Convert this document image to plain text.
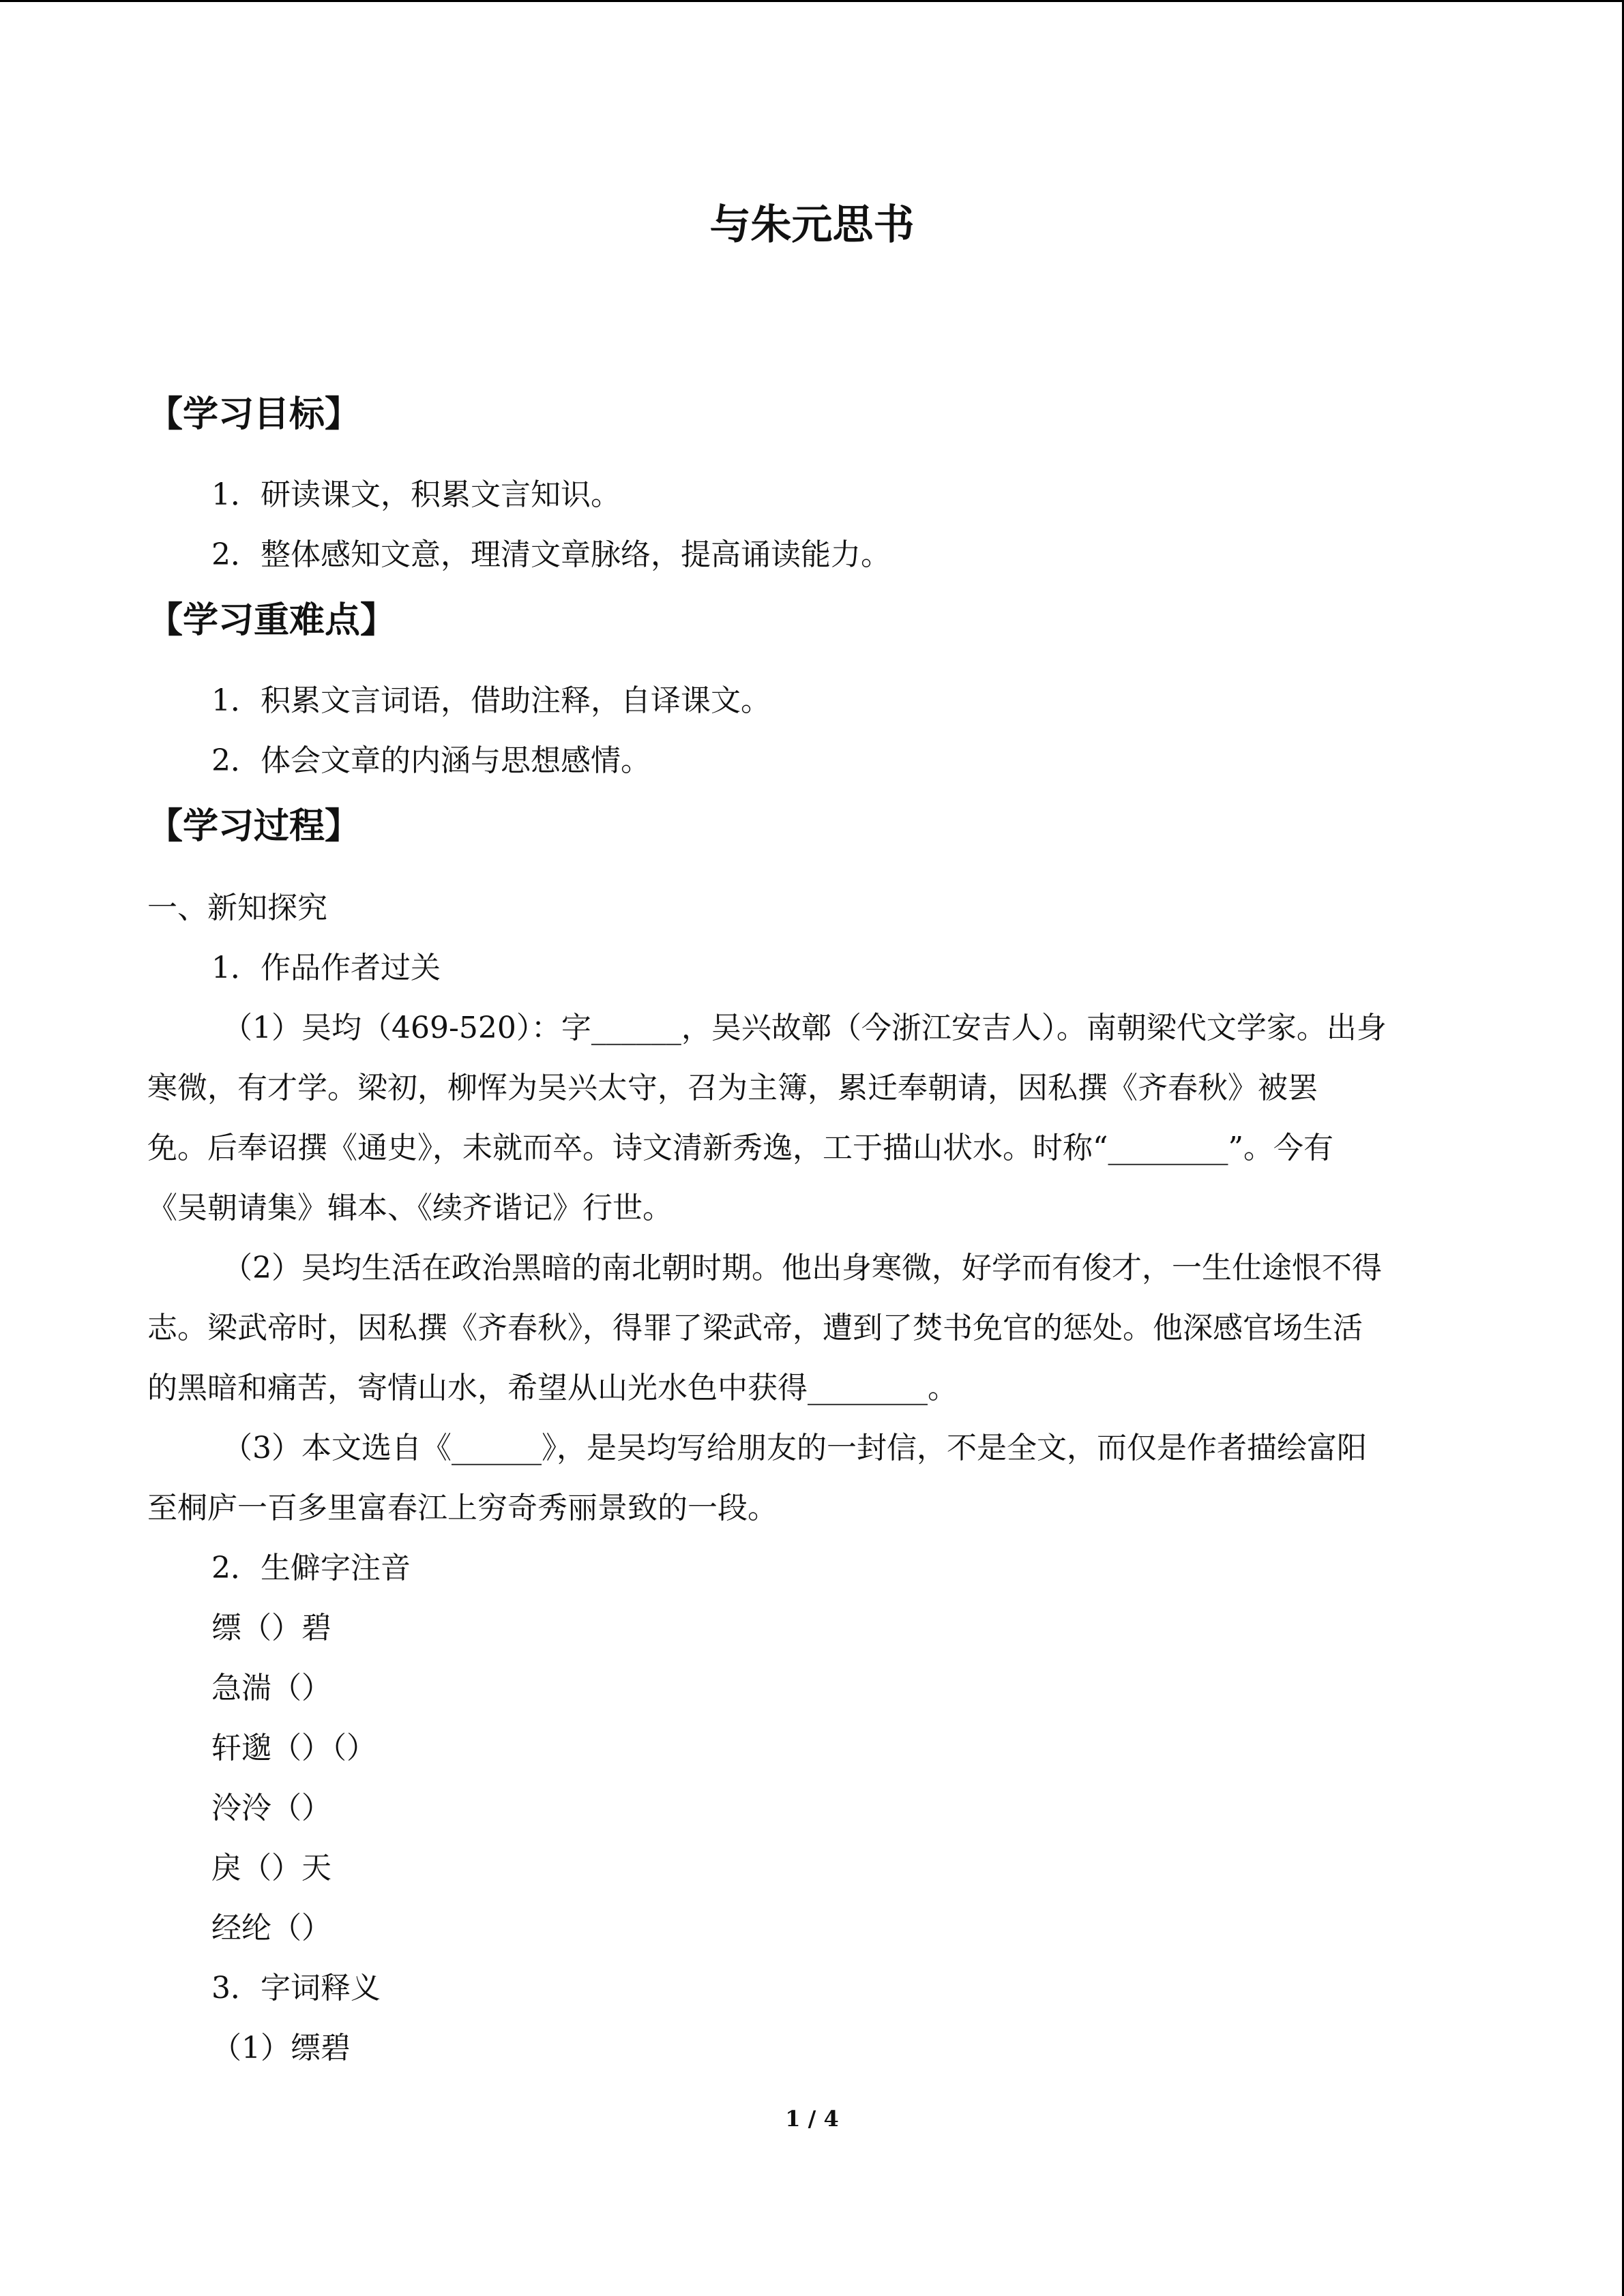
与朱元思书
【学习目标】
1．研读课文，积累文言知识。
2．整体感知文意，理清文章脉络，提高诵读能力。
【学习重难点】
1．积累文言词语，借助注释，自译课文。
2．体会文章的内涵与思想感情。
【学习过程】
一、新知探究
1．作品作者过关
（1）吴均（469-520）：字______，吴兴故鄣（今浙江安吉人）。南朝梁代文学家。出身
寒微，有才学。梁初，柳恽为吴兴太守，召为主簿，累迁奉朝请，因私撰《齐春秋》被罢
免。后奉诏撰《通史》，未就而卒。诗文清新秀逸，工于描山状水。时称“________”。今有
《吴朝请集》辑本、《续齐谐记》行世。
（2）吴均生活在政治黑暗的南北朝时期。他出身寒微，好学而有俊才，一生仕途恨不得
志。梁武帝时，因私撰《齐春秋》，得罪了梁武帝，遭到了焚书免官的惩处。他深感官场生活
的黑暗和痛苦，寄情山水，希望从山光水色中获得________。
（3）本文选自《______》，是吴均写给朋友的一封信，不是全文，而仅是作者描绘富阳
至桐庐一百多里富春江上穷奇秀丽景致的一段。
2．生僻字注音
缥（）碧
急湍（）
轩邈（）（）
泠泠（）
戾（）天
经纶（）
3．字词释义
（1）缥碧
1 / 4
